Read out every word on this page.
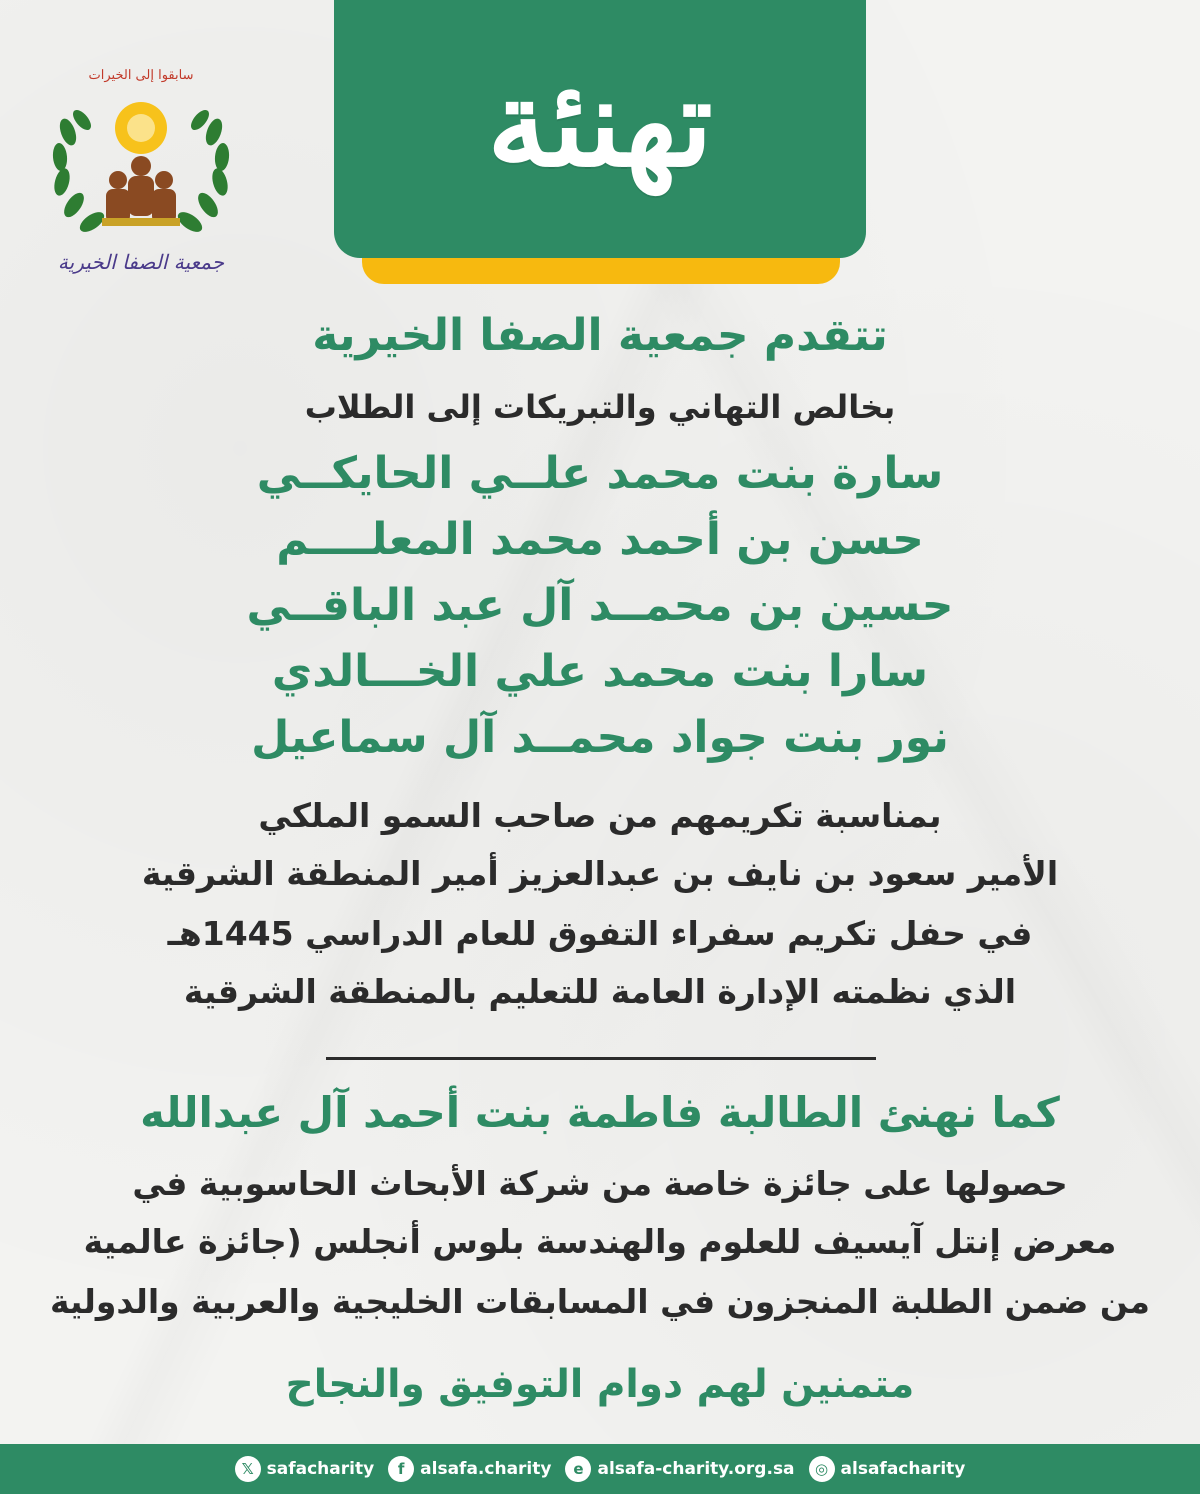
تهنئة
سابقوا إلى الخيرات
جمعية الصفا الخيرية

تتقدم جمعية الصفا الخيرية

بخالص التهاني والتبريكات إلى الطلاب

سارة بنت محمد علــي الحايكــي

حسن بن أحمد محمد المعلــــم

حسين بن محمــد آل عبد الباقــي

سارا بنت محمد علي الخـــالدي

نور بنت جواد محمــد آل سماعيل

بمناسبة تكريمهم من صاحب السمو الملكي

الأمير سعود بن نايف بن عبدالعزيز أمير المنطقة الشرقية

في حفل تكريم سفراء التفوق للعام الدراسي 1445هـ

الذي نظمته الإدارة العامة للتعليم بالمنطقة الشرقية

كما نهنئ الطالبة فاطمة بنت أحمد آل عبدالله

حصولها على جائزة خاصة من شركة الأبحاث الحاسوبية في

معرض إنتل آيسيف للعلوم والهندسة بلوس أنجلس (جائزة عالمية

من ضمن الطلبة المنجزون في المسابقات الخليجية والعربية والدولية

متمنين لهم دوام التوفيق والنجاح

𝕏 safacharity	f alsafa.charity	e alsafa-charity.org.sa	◎ alsafacharity
